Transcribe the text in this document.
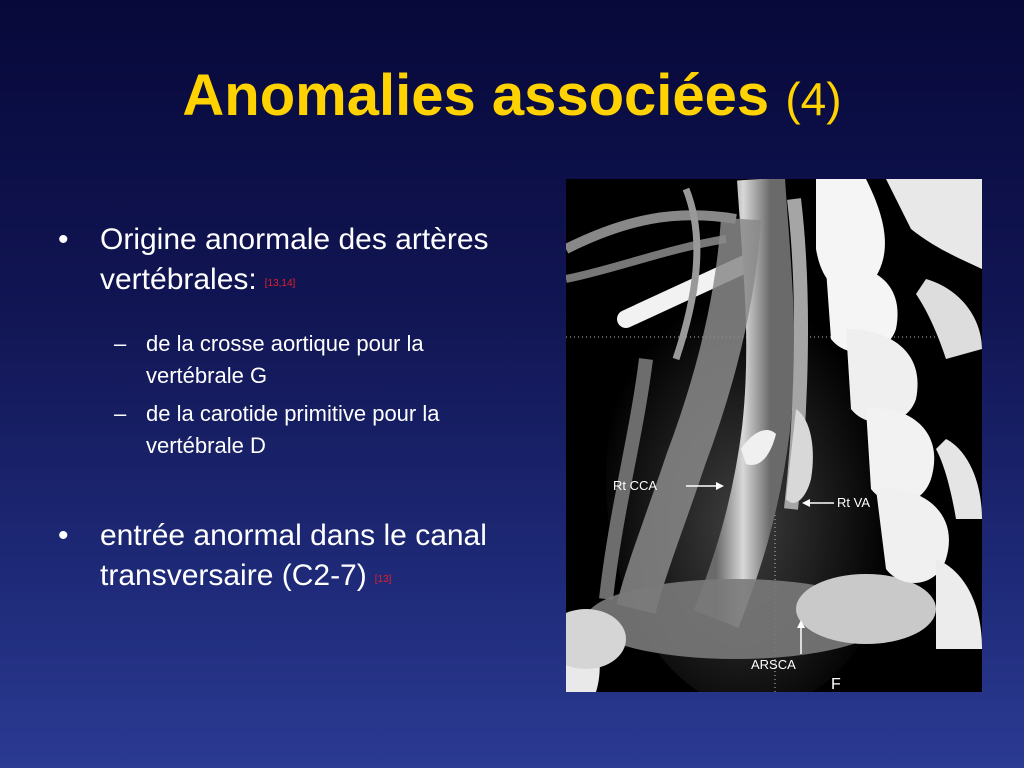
Anomalies associées (4)
• Origine anormale des artères
vertébrales: [13,14]
– de la crosse aortique pour la
vertébrale G
– de la carotide primitive pour la
vertébrale D
• entrée anormal dans le canal
transversaire (C2-7) [13]
Rt CCA
Rt VA
ARSCA
F
